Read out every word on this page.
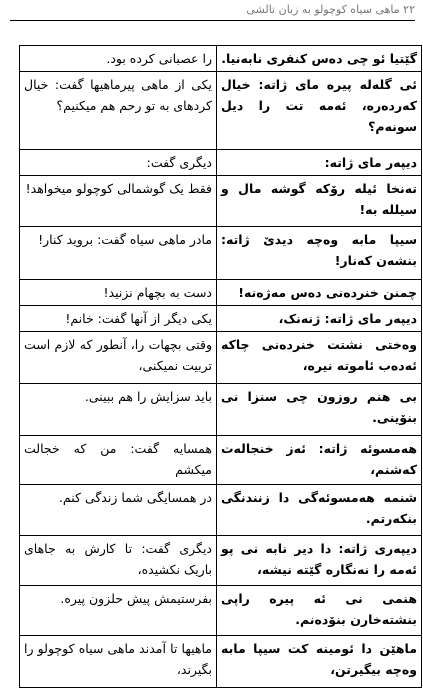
۲۲ ماهی سیاه کوچولو به زبان تالشی
گێتیا ئو چی دەس کنفری نابەنیا.	را عصبانی کرده بود.
ئی گلەلە پیرە مای ژاتە: خیال کەردەرە، ئەمە تت را دیل سونەم؟	یکی از ماهی پیرماهیها گفت: خیال کردهای به تو رحم هم میکنیم؟
دیپەر مای ژاتە:	دیگری گفت:
تەنخا ئیلە رۆکە گوشە مال و سیللە بە!	فقط یک گوشمالی کوچولو میخواهد!
سیپا مابە وەچە دیدێ ژاتە: بنشەن کەنار!	مادر ماهی سیاه گفت: بروید کنار!
چمنن خنردەنی دەس مەژەنە!	دست به بچهام نزنید!
دیپەر مای ژاتە: ژنەنک،	یکی دیگر از آنها گفت: خانم!
وەختی نشتت خنردەنی چاکە ئەدەب ئاموتە نیرە،	وقتی بچهات را، آنطور که لازم است تربیت نمیکنی،
بی هنم روزون چی سنزا نی بنۆینی.	باید سزایش را هم ببینی.
هەمسوئە ژاتە: ئەز خنجالەت کەشنم،	همسایه گفت: من که خجالت میکشم
شنمە هەمسوئەگی دا زنندنگی بنکەرتم.	در همسایگی شما زندگی کنم.
دیپەری ژاتە: دا دیر نابە نی پو ئەمە را نەنگارە گێتە نیشە،	دیگری گفت: تا کارش به جاهای باریک نکشیده،
هنمی نی ئە پیرە راپی بنشتەخارن بنۆدەنم.	بفرستیمش پیش حلزون پیره.
ماهێن دا ئومینە کت سیپا مابە وەچە بیگیرتن،	ماهیها تا آمدند ماهی سیاه کوچولو را بگیرند،
